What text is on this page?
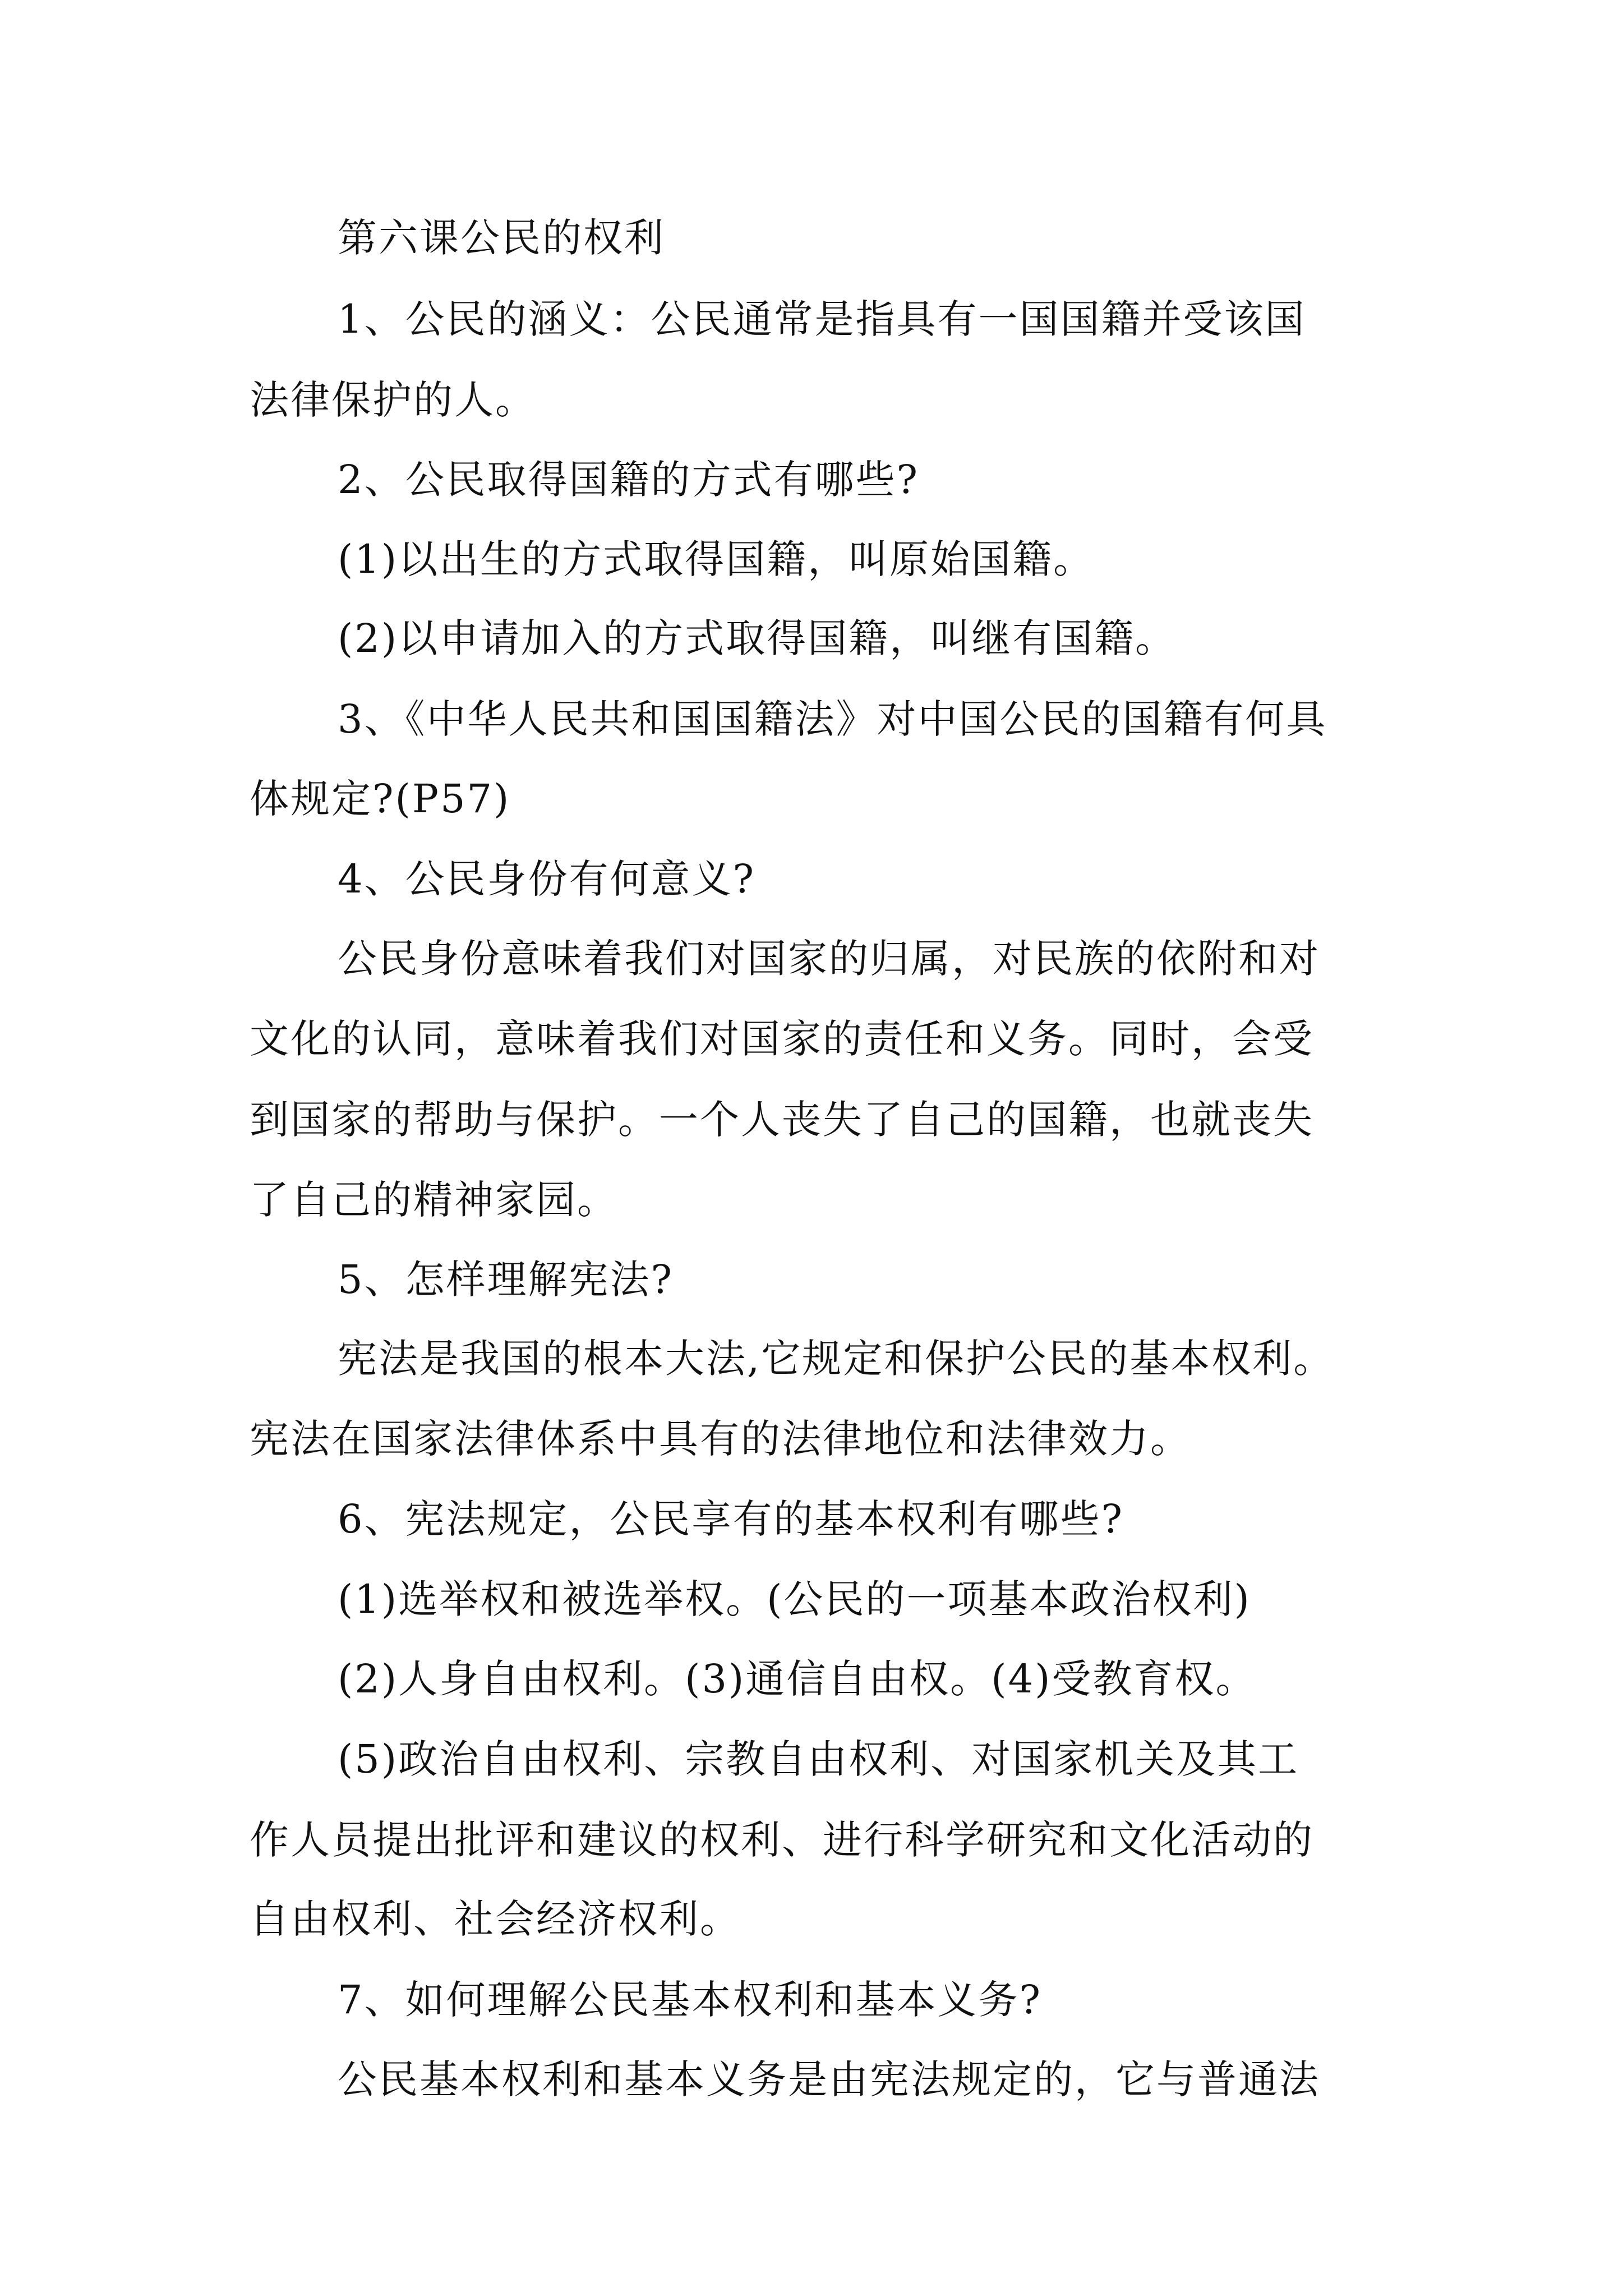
第六课公民的权利
1、公民的涵义：公民通常是指具有一国国籍并受该国
法律保护的人。
2、公民取得国籍的方式有哪些?
(1)以出生的方式取得国籍，叫原始国籍。
(2)以申请加入的方式取得国籍，叫继有国籍。
3、《中华人民共和国国籍法》对中国公民的国籍有何具
体规定?(P57)
4、公民身份有何意义?
公民身份意味着我们对国家的归属，对民族的依附和对
文化的认同，意味着我们对国家的责任和义务。同时，会受
到国家的帮助与保护。一个人丧失了自己的国籍，也就丧失
了自己的精神家园。
5、怎样理解宪法?
宪法是我国的根本大法,它规定和保护公民的基本权利。
宪法在国家法律体系中具有的法律地位和法律效力。
6、宪法规定，公民享有的基本权利有哪些?
(1)选举权和被选举权。(公民的一项基本政治权利)
(2)人身自由权利。(3)通信自由权。(4)受教育权。
(5)政治自由权利、宗教自由权利、对国家机关及其工
作人员提出批评和建议的权利、进行科学研究和文化活动的
自由权利、社会经济权利。
7、如何理解公民基本权利和基本义务?
公民基本权利和基本义务是由宪法规定的，它与普通法
